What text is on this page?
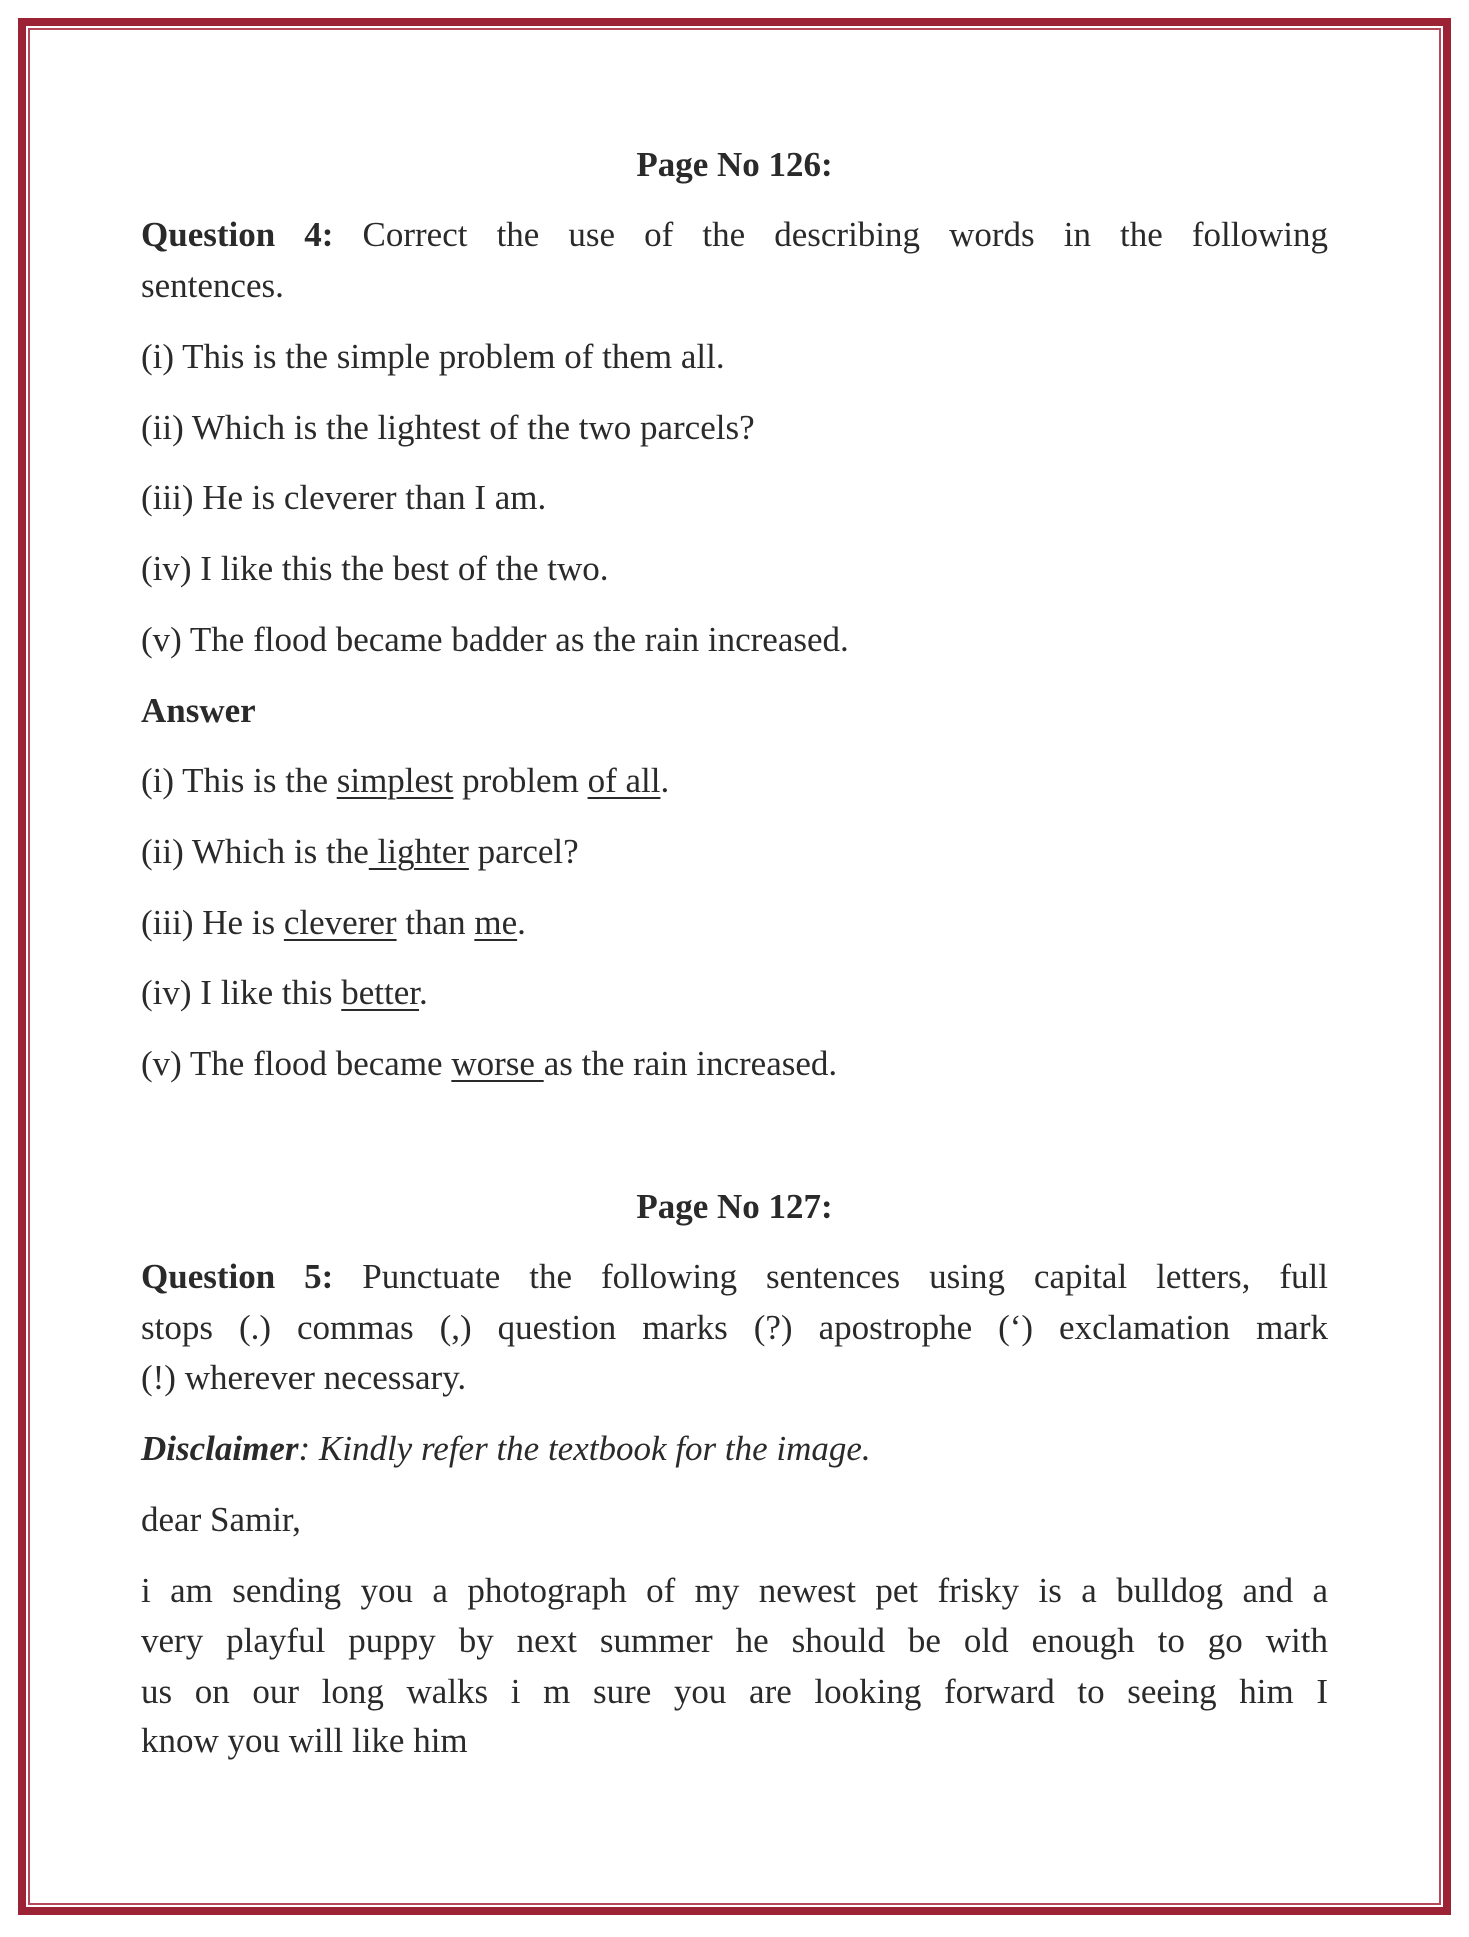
Page No 126:
Question 4: Correct the use of the describing words in the following
sentences.
(i) This is the simple problem of them all.
(ii) Which is the lightest of the two parcels?
(iii) He is cleverer than I am.
(iv) I like this the best of the two.
(v) The flood became badder as the rain increased.
Answer
(i) This is the simplest problem of all.
(ii) Which is the lighter parcel?
(iii) He is cleverer than me.
(iv) I like this better.
(v) The flood became worse as the rain increased.
Page No 127:
Question 5: Punctuate the following sentences using capital letters, full
stops (.) commas (,) question marks (?) apostrophe (‘) exclamation mark
(!) wherever necessary.
Disclaimer: Kindly refer the textbook for the image.
dear Samir,
i am sending you a photograph of my newest pet frisky is a bulldog and a
very playful puppy by next summer he should be old enough to go with
us on our long walks i m sure you are looking forward to seeing him I
know you will like him
